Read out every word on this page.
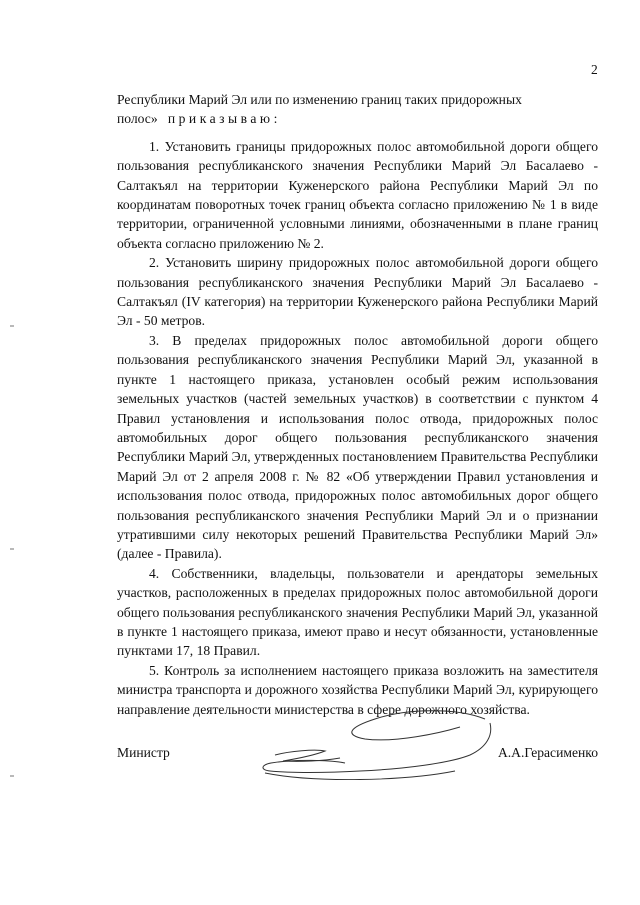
2

Республики Марий Эл или по изменению границ таких придорожных

полос» приказываю:

1. Установить границы придорожных полос автомобильной дороги общего пользования республиканского значения Республики Марий Эл Басалаево - Салтакъял на территории Куженерского района Республики Марий Эл по координатам поворотных точек границ объекта согласно приложению № 1 в виде территории, ограниченной условными линиями, обозначенными в плане границ объекта согласно приложению № 2.

2. Установить ширину придорожных полос автомобильной дороги общего пользования республиканского значения Республики Марий Эл Басалаево - Салтакъял (IV категория) на территории Куженерского района Республики Марий Эл - 50 метров.

3. В пределах придорожных полос автомобильной дороги общего пользования республиканского значения Республики Марий Эл, указанной в пункте 1 настоящего приказа, установлен особый режим использования земельных участков (частей земельных участков) в соответствии с пунктом 4 Правил установления и использования полос отвода, придорожных полос автомобильных дорог общего пользования республиканского значения Республики Марий Эл, утвержденных постановлением Правительства Республики Марий Эл от 2 апреля 2008 г. № 82 «Об утверждении Правил установления и использования полос отвода, придорожных полос автомобильных дорог общего пользования республиканского значения Республики Марий Эл и о признании утратившими силу некоторых решений Правительства Республики Марий Эл» (далее - Правила).

4. Собственники, владельцы, пользователи и арендаторы земельных участков, расположенных в пределах придорожных полос автомобильной дороги общего пользования республиканского значения Республики Марий Эл, указанной в пункте 1 настоящего приказа, имеют право и несут обязанности, установленные пунктами 17, 18 Правил.

5. Контроль за исполнением настоящего приказа возложить на заместителя министра транспорта и дорожного хозяйства Республики Марий Эл, курирующего направление деятельности министерства в сфере дорожного хозяйства.

Министр	А.А.Герасименко
